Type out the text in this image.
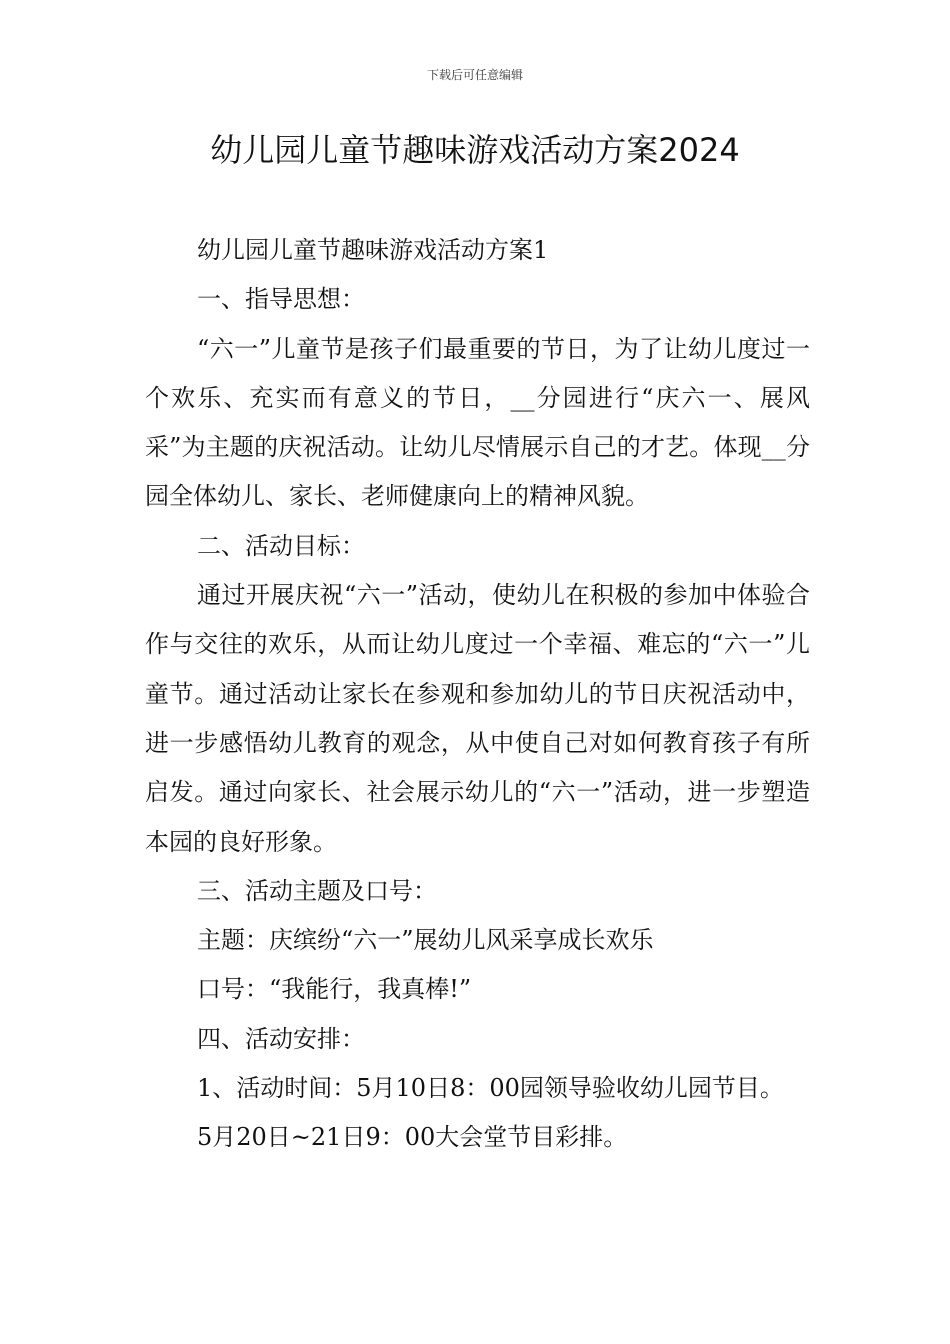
下载后可任意编辑
幼儿园儿童节趣味游戏活动方案2024

幼儿园儿童节趣味游戏活动方案1

一、指导思想：

“六一”儿童节是孩子们最重要的节日，为了让幼儿度过一个欢乐、充实而有意义的节日，__分园进行“庆六一、展风采”为主题的庆祝活动。让幼儿尽情展示自己的才艺。体现__分园全体幼儿、家长、老师健康向上的精神风貌。

二、活动目标：

通过开展庆祝“六一”活动，使幼儿在积极的参加中体验合作与交往的欢乐，从而让幼儿度过一个幸福、难忘的“六一”儿童节。通过活动让家长在参观和参加幼儿的节日庆祝活动中，进一步感悟幼儿教育的观念，从中使自己对如何教育孩子有所启发。通过向家长、社会展示幼儿的“六一”活动，进一步塑造本园的良好形象。

三、活动主题及口号：

主题：庆缤纷“六一”展幼儿风采享成长欢乐

口号：“我能行，我真棒!”

四、活动安排：

1、活动时间：5月10日8：00园领导验收幼儿园节目。

5月20日~21日9：00大会堂节目彩排。
